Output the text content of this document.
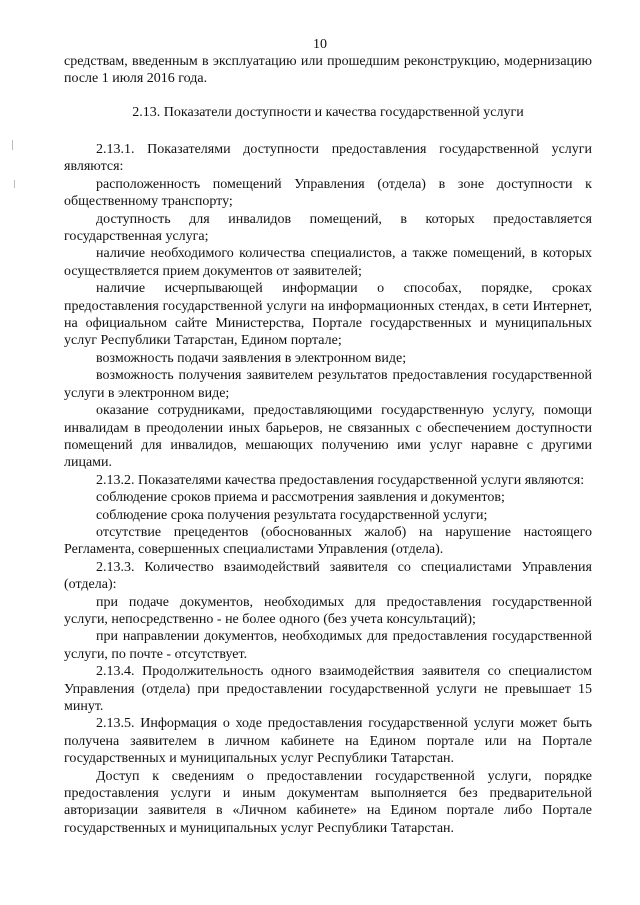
10

средствам, введенным в эксплуатацию или прошедшим реконструкцию, модернизацию после 1 июля 2016 года.

2.13. Показатели доступности и качества государственной услуги

2.13.1. Показателями доступности предоставления государственной услуги являются:

расположенность помещений Управления (отдела) в зоне доступности к общественному транспорту;

доступность для инвалидов помещений, в которых предоставляется государственная услуга;

наличие необходимого количества специалистов, а также помещений, в которых осуществляется прием документов от заявителей;

наличие исчерпывающей информации о способах, порядке, сроках предоставления государственной услуги на информационных стендах, в сети Интернет, на официальном сайте Министерства, Портале государственных и муниципальных услуг Республики Татарстан, Едином портале;

возможность подачи заявления в электронном виде;

возможность получения заявителем результатов предоставления государственной услуги в электронном виде;

оказание сотрудниками, предоставляющими государственную услугу, помощи инвалидам в преодолении иных барьеров, не связанных с обеспечением доступности помещений для инвалидов, мешающих получению ими услуг наравне с другими лицами.

2.13.2. Показателями качества предоставления государственной услуги являются:

соблюдение сроков приема и рассмотрения заявления и документов;

соблюдение срока получения результата государственной услуги;

отсутствие прецедентов (обоснованных жалоб) на нарушение настоящего Регламента, совершенных специалистами Управления (отдела).

2.13.3. Количество взаимодействий заявителя со специалистами Управления (отдела):

при подаче документов, необходимых для предоставления государственной услуги, непосредственно - не более одного (без учета консультаций);

при направлении документов, необходимых для предоставления государственной услуги, по почте - отсутствует.

2.13.4. Продолжительность одного взаимодействия заявителя со специалистом Управления (отдела) при предоставлении государственной услуги не превышает 15 минут.

2.13.5. Информация о ходе предоставления государственной услуги может быть получена заявителем в личном кабинете на Едином портале или на Портале государственных и муниципальных услуг Республики Татарстан.

Доступ к сведениям о предоставлении государственной услуги, порядке предоставления услуги и иным документам выполняется без предварительной авторизации заявителя в «Личном кабинете» на Едином портале либо Портале государственных и муниципальных услуг Республики Татарстан.
